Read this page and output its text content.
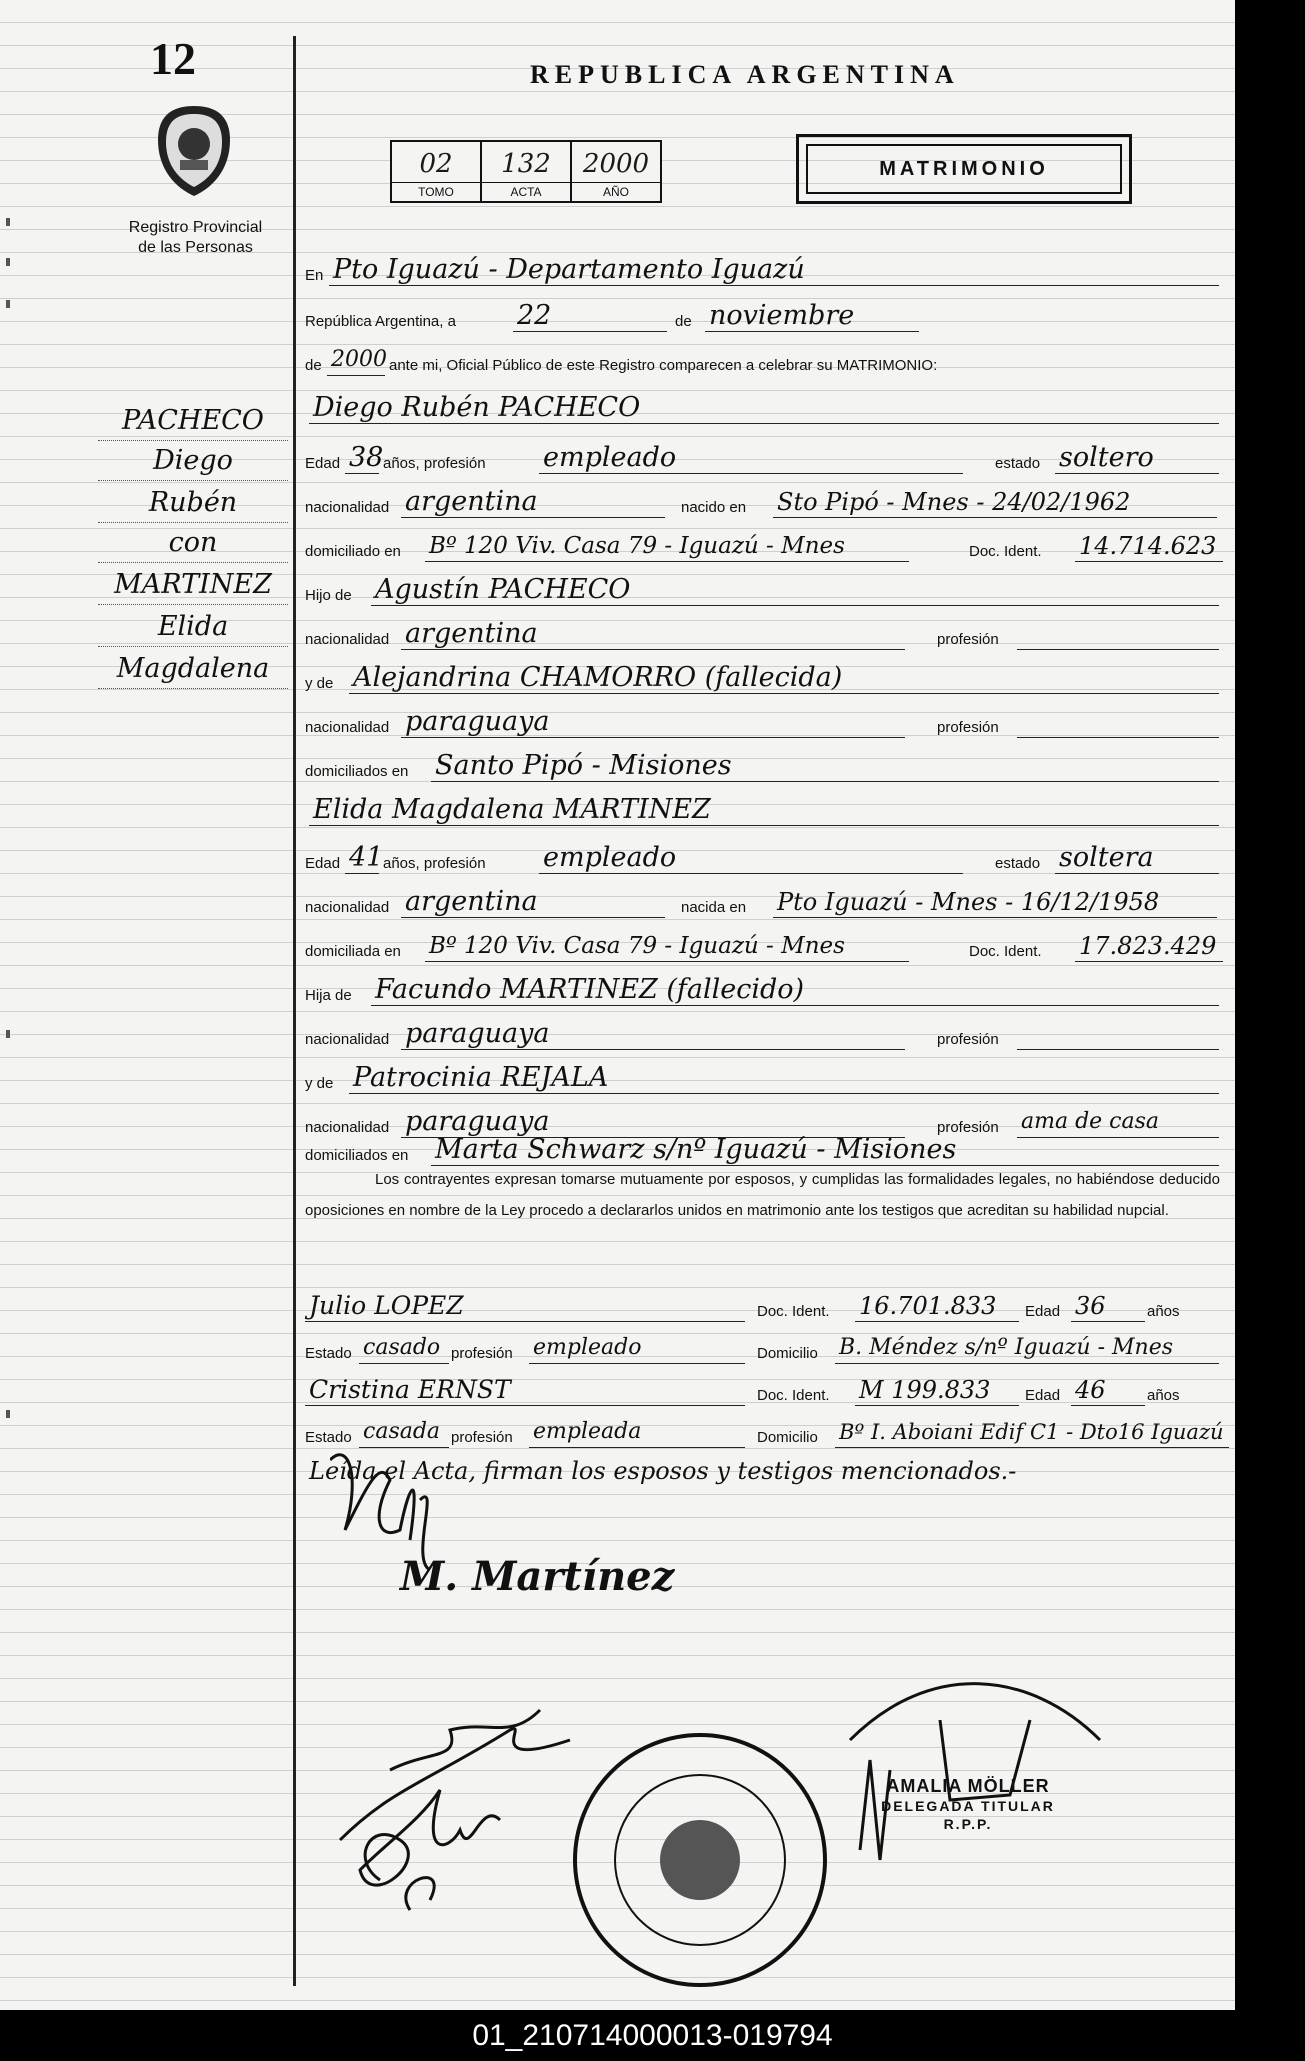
12
Registro Provincial
de las Personas
REPUBLICA ARGENTINA
02
TOMO
132
ACTA
2000
AÑO
MATRIMONIO
PACHECO
Diego
Rubén
con
MARTINEZ
Elida
Magdalena
En Pto Iguazú - Departamento Iguazú
República Argentina, a 22	de noviembre
de 2000 ante mi, Oficial Público de este Registro comparecen a celebrar su MATRIMONIO:
Diego Rubén PACHECO
Edad 38 años, profesión empleado	estado soltero
nacionalidad argentina	nacido en Sto Pipó - Mnes - 24/02/1962
domiciliado en Bº 120 Viv. Casa 79 - Iguazú - Mnes	Doc. Ident. 14.714.623
Hijo de Agustín PACHECO
nacionalidad argentina	profesión
y de Alejandrina CHAMORRO (fallecida)
nacionalidad paraguaya	profesión
domiciliados en Santo Pipó - Misiones
Elida Magdalena MARTINEZ
Edad 41 años, profesión empleado	estado soltera
nacionalidad argentina	nacida en Pto Iguazú - Mnes - 16/12/1958
domiciliada en Bº 120 Viv. Casa 79 - Iguazú - Mnes	Doc. Ident. 17.823.429
Hija de Facundo MARTINEZ (fallecido)
nacionalidad paraguaya	profesión
y de Patrocinia REJALA
nacionalidad paraguaya	profesión ama de casa
domiciliados en Marta Schwarz s/nº Iguazú - Misiones
Los contrayentes expresan tomarse mutuamente por esposos, y cumplidas las formalidades legales, no habiéndose deducido oposiciones en nombre de la Ley procedo a declararlos unidos en matrimonio ante los testigos que acreditan su habilidad nupcial.
Julio LOPEZ	Doc. Ident. 16.701.833	Edad 36	años
Estado casado profesión empleado	Domicilio B. Méndez s/nº Iguazú - Mnes
Cristina ERNST	Doc. Ident. M 199.833	Edad 46	años
Estado casada profesión empleada	Domicilio Bº I. Aboiani Edif C1 - Dto16 Iguazú
Leída el Acta, firman los esposos y testigos mencionados.-
M. Martínez
AMALIA MÖLLER
DELEGADA TITULAR
R.P.P.
01_210714000013-019794
